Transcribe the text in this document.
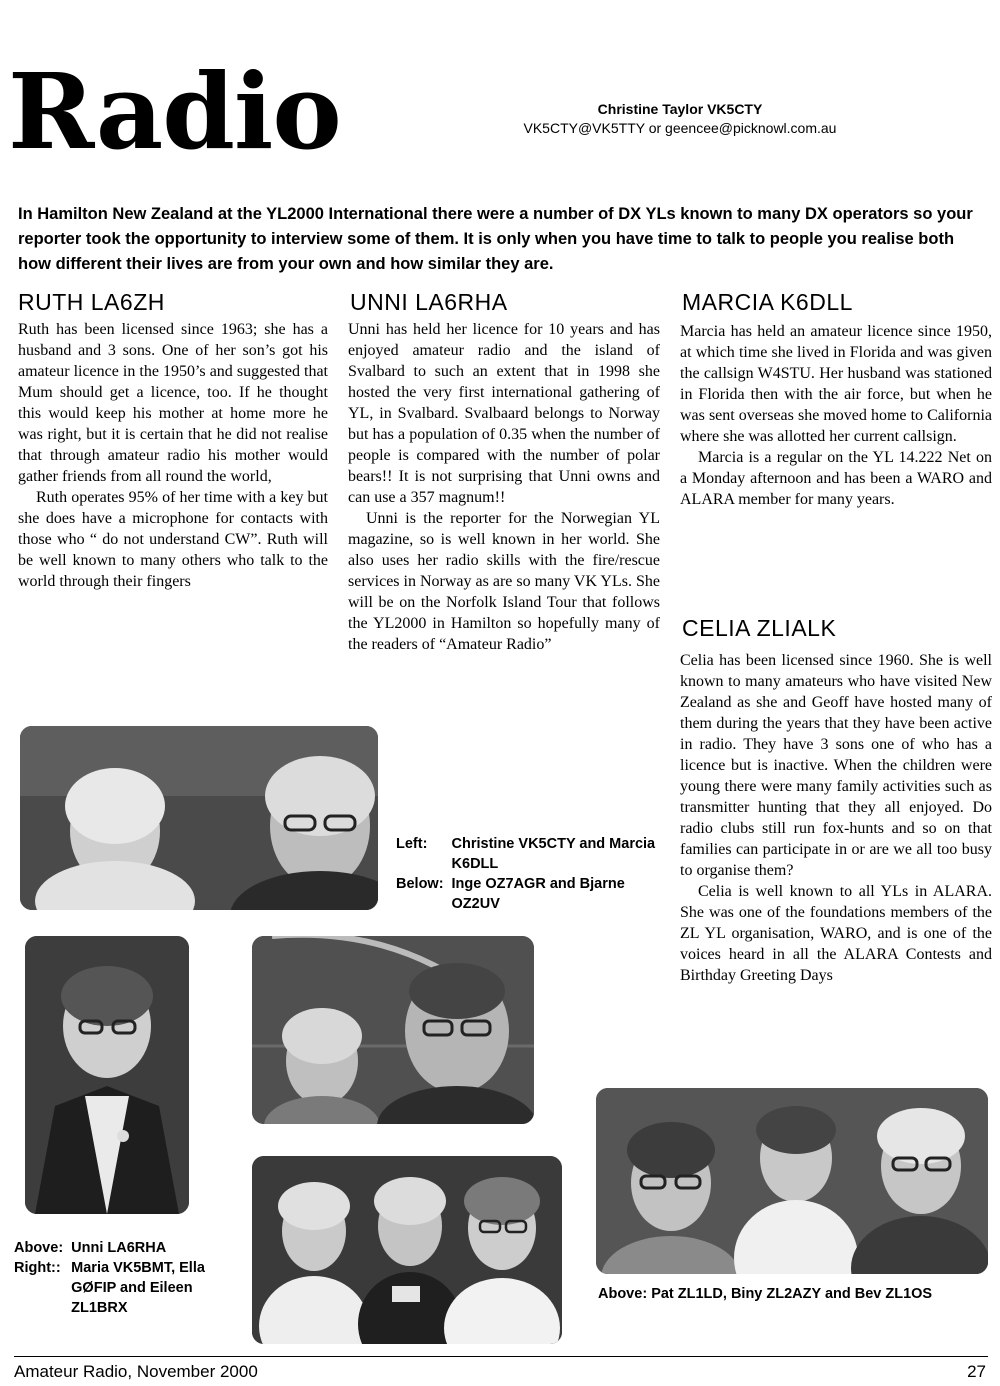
Radio	Christine Taylor VK5CTY
VK5CTY@VK5TTY or geencee@picknowl.com.au
In Hamilton New Zealand at the YL2000 International there were a number of DX YLs known to many DX operators so your reporter took the opportunity to interview some of them. It is only when you have time to talk to people you realise both how different their lives are from your own and how similar they are.
RUTH LA6ZH

Ruth has been licensed since 1963; she has a husband and 3 sons. One of her son’s got his amateur licence in the 1950’s and suggested that Mum should get a licence, too. If he thought this would keep his mother at home more he was right, but it is certain that he did not realise that through amateur radio his mother would gather friends from all round the world,

Ruth operates 95% of her time with a key but she does have a microphone for contacts with those who “ do not understand CW”. Ruth will be well known to many others who talk to the world through their fingers

UNNI LA6RHA

Unni has held her licence for 10 years and has enjoyed amateur radio and the island of Svalbard to such an extent that in 1998 she hosted the very first international gathering of YL, in Svalbard. Svalbaard belongs to Norway but has a population of 0.35 when the number of people is compared with the number of polar bears!! It is not surprising that Unni owns and can use a 357 magnum!!

Unni is the reporter for the Norwegian YL magazine, so is well known in her world. She also uses her radio skills with the fire/rescue services in Norway as are so many VK YLs. She will be on the Norfolk Island Tour that follows the YL2000 in Hamilton so hopefully many of the readers of “Amateur Radio”

MARCIA K6DLL

Marcia has held an amateur licence since 1950, at which time she lived in Florida and was given the callsign W4STU. Her husband was stationed in Florida then with the air force, but when he was sent overseas she moved home to California where she was allotted her current callsign.

Marcia is a regular on the YL 14.222 Net on a Monday afternoon and has been a WARO and ALARA member for many years.

CELIA ZLIALK

Celia has been licensed since 1960. She is well known to many amateurs who have visited New Zealand as she and Geoff have hosted many of them during the years that they have been active in radio. They have 3 sons one of who has a licence but is inactive. When the children were young there were many family activities such as transmitter hunting that they all enjoyed. Do radio clubs still run fox-hunts and so on that families can participate in or are we all too busy to organise them?

Celia is well known to all YLs in ALARA. She was one of the foundations members of the ZL YL organisation, WARO, and is one of the voices heard in all the ALARA Contests and Birthday Greeting Days

Left:	Christine VK5CTY and Marcia K6DLL
Below:	Inge OZ7AGR and Bjarne OZ2UV
Above:	Unni LA6RHA
Right::	Maria VK5BMT, Ella GØFIP and Eileen ZL1BRX
Above: Pat ZL1LD, Biny ZL2AZY and Bev ZL1OS
Amateur Radio, November 2000	27
